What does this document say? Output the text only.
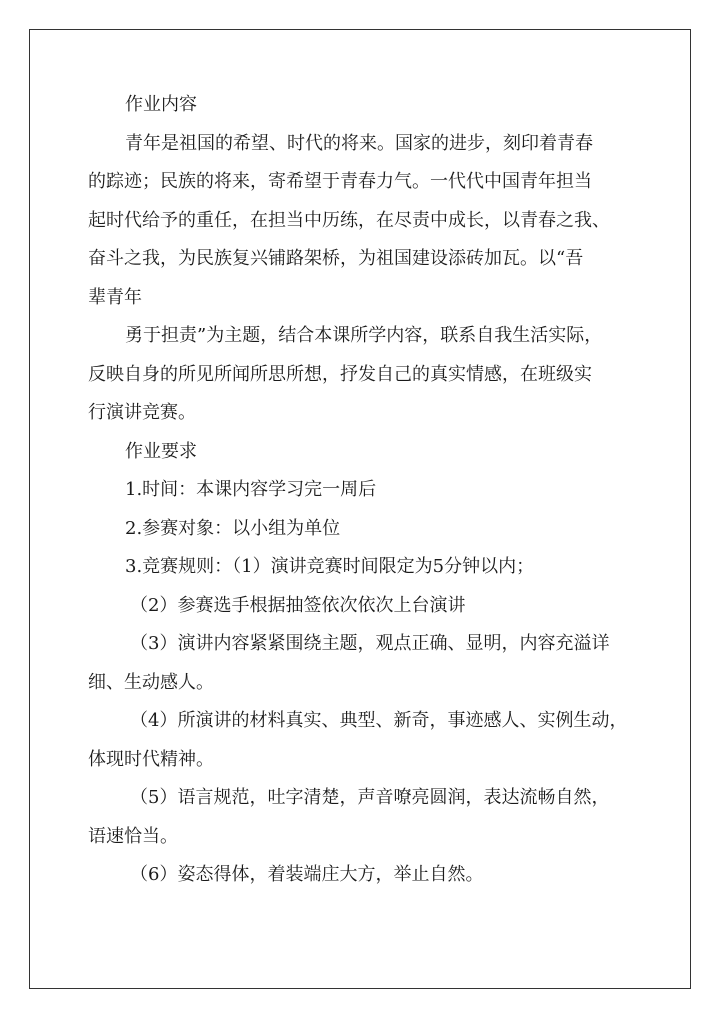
作业内容

青年是祖国的希望、时代的将来。国家的进步，刻印着青春

的踪迹；民族的将来，寄希望于青春力气。一代代中国青年担当

起时代给予的重任，在担当中历练，在尽责中成长，以青春之我、

奋斗之我，为民族复兴铺路架桥，为祖国建设添砖加瓦。以“吾

辈青年

勇于担责”为主题，结合本课所学内容，联系自我生活实际，

反映自身的所见所闻所思所想，抒发自己的真实情感，在班级实

行演讲竞赛。

作业要求

1.时间：本课内容学习完一周后

2.参赛对象：以小组为单位

3.竞赛规则：（1）演讲竞赛时间限定为5分钟以内；

（2）参赛选手根据抽签依次依次上台演讲

（3）演讲内容紧紧围绕主题，观点正确、显明，内容充溢详

细、生动感人。

（4）所演讲的材料真实、典型、新奇，事迹感人、实例生动，

体现时代精神。

（5）语言规范，吐字清楚，声音嘹亮圆润，表达流畅自然，

语速恰当。

（6）姿态得体，着装端庄大方，举止自然。
